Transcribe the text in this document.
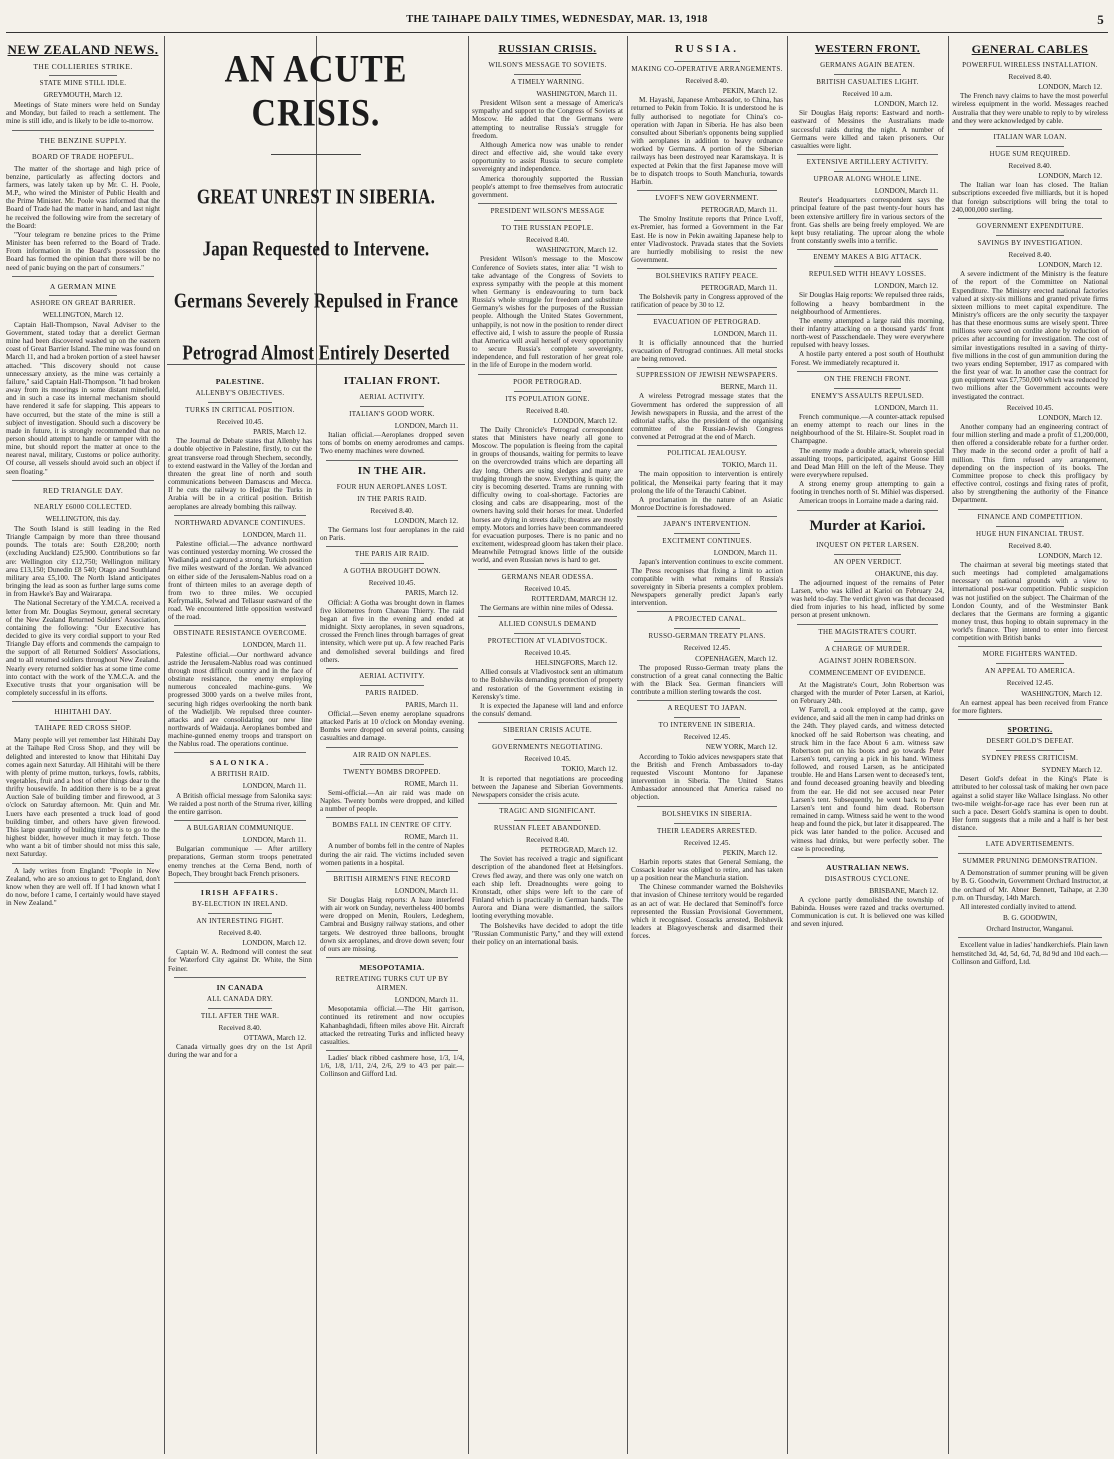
THE TAIHAPE DAILY TIMES, WEDNESDAY, MAR. 13, 1918	5
AN ACUTE CRISIS.
GREAT UNREST IN SIBERIA.
Japan Requested to Intervene.
Germans Severely Repulsed in France
Petrograd Almost Entirely Deserted
NEW ZEALAND NEWS.
THE COLLIERIES STRIKE.
STATE MINE STILL IDLE.
GREYMOUTH, March 12.

Meetings of State miners were held on Sunday and Monday, but failed to reach a settlement. The mine is still idle, and is likely to be idle to-morrow.

THE BENZINE SUPPLY.
BOARD OF TRADE HOPEFUL.

The matter of the shortage and high price of benzine, particularly as affecting doctors and farmers, was lately taken up by Mr. C. H. Poole, M.P., who wired the Minister of Public Health and the Prime Minister. Mr. Poole was informed that the Board of Trade had the matter in hand, and last night he received the following wire from the secretary of the Board:

"Your telegram re benzine prices to the Prime Minister has been referred to the Board of Trade. From information in the Board's possession the Board has formed the opinion that there will be no need of panic buying on the part of consumers."

A GERMAN MINE
ASHORE ON GREAT BARRIER.
WELLINGTON, March 12.

Captain Hall-Thompson, Naval Adviser to the Government, stated today that a derelict German mine had been discovered washed up on the eastern coast of Great Barrier Island. The mine was found on March 11, and had a broken portion of a steel hawser attached. "This discovery should not cause unnecessary anxiety, as the mine was certainly a failure," said Captain Hall-Thompson. "It had broken away from its moorings in some distant minefield, and in such a case its internal mechanism should have rendered it safe for slapping. This appears to have occurred, but the state of the mine is still a subject of investigation. Should such a discovery be made in future, it is strongly recommended that no person should attempt to handle or tamper with the mine, but should report the matter at once to the nearest naval, military, Customs or police authority. Of course, all vessels should avoid such an object if seen floating."

RED TRIANGLE DAY.
NEARLY £6000 COLLECTED.
WELLINGTON, this day.

The South Island is still leading in the Red Triangle Campaign by more than three thousand pounds. The totals are: South £28,200; north (excluding Auckland) £25,900. Contributions so far are: Wellington city £12,750; Wellington military area £13,150; Dunedin £8 540; Otago and Southland military area £5,100. The North Island anticipates bringing the lead as soon as further large sums come in from Hawke's Bay and Wairarapa.

The National Secretary of the Y.M.C.A. received a letter from Mr. Douglas Seymour, general secretary of the New Zealand Returned Soldiers' Association, containing the following: "Our Executive has decided to give its very cordial support to your Red Triangle Day efforts and commends the campaign to the support of all Returned Soldiers' Associations, and to all returned soldiers throughout New Zealand. Nearly every returned soldier has at some time come into contact with the work of the Y.M.C.A. and the Executive trusts that your organisation will be completely successful in its efforts.

HIHITAHI DAY.
TAIHAPE RED CROSS SHOP.

Many people will yet remember last Hihitahi Day at the Taihape Red Cross Shop, and they will be delighted and interested to know that Hihitahi Day comes again next Saturday. All Hihitahi will be there with plenty of prime mutton, turkeys, fowls, rabbits, vegetables, fruit and a host of other things dear to the thrifty housewife. In addition there is to be a great Auction Sale of building timber and firewood, at 3 o'clock on Saturday afternoon. Mr. Quin and Mr. Luers have each presented a truck load of good building timber, and others have given firewood. This large quantity of building timber is to go to the highest bidder, however much it may fetch. Those who want a bit of timber should not miss this sale, next Saturday.

A lady writes from England: "People in New Zealand, who are so anxious to get to England, don't know when they are well off. If I had known what I do now, before I came, I certainly would have stayed in New Zealand."

PALESTINE.
ALLENBY'S OBJECTIVES.
TURKS IN CRITICAL POSITION.
Received 10.45.
PARIS, March 12.

The Journal de Debate states that Allenby has a double objective in Palestine, firstly, to cut the great transverse road through Shechem, secondly, to extend eastward in the Valley of the Jordan and threaten the great line of north and south communications between Damascus and Mecca. If he cuts the railway to Hedjaz the Turks in Arabia will be in a critical position. British aeroplanes are already bombing this railway.

NORTHWARD ADVANCE CONTINUES.
LONDON, March 11.

Palestine official.—The advance northward was continued yesterday morning. We crossed the Wadiandja and captured a strong Turkish position five miles westward of the Jordan. We advanced on either side of the Jerusalem-Nablus road on a front of thirteen miles to an average depth of from two to three miles. We occupied Kefrymalik, Selwad and Tellasur eastward of the road. We encountered little opposition westward of the road.

OBSTINATE RESISTANCE OVERCOME.
LONDON, March 11.

Palestine official.—Our northward advance astride the Jerusalem-Nablus road was continued through most difficult country and in the face of obstinate resistance, the enemy employing numerous concealed machine-guns. We progressed 3000 yards on a twelve miles front, securing high ridges overlooking the north bank of the Wadieljib. We repulsed three counter-attacks and are consolidating our new line northwards of Waidauja. Aeroplanes bombed and machine-gunned enemy troops and transport on the Nablus road. The operations continue.

SALONIKA.
A BRITISH RAID.
LONDON, March 11.

A British official message from Salonika says: We raided a post north of the Struma river, killing the entire garrison.

A BULGARIAN COMMUNIQUE.
LONDON, March 11.

Bulgarian communique — After artillery preparations, German storm troops penetrated enemy trenches at the Cerna Bend, north of Bopech, They brought back French prisoners.

IRISH AFFAIRS.
BY-ELECTION IN IRELAND.
AN INTERESTING FIGHT.
Received 8.40.
LONDON, March 12.

Captain W. A. Redmond will contest the seat for Waterford City against Dr. White, the Sinn Feiner.

IN CANADA
ALL CANADA DRY.
TILL AFTER THE WAR.
Received 8.40.
OTTAWA, March 12.

Canada virtually goes dry on the 1st April during the war and for a

ITALIAN FRONT.
AERIAL ACTIVITY.
ITALIAN'S GOOD WORK.
LONDON, March 11.

Italian official.—Aeroplanes dropped seven tons of bombs on enemy aerodromes and camps. Two enemy machines were downed.

IN THE AIR.
FOUR HUN AEROPLANES LOST.
IN THE PARIS RAID.
Received 8.40.
LONDON, March 12.

The Germans lost four aeroplanes in the raid on Paris.

THE PARIS AIR RAID.
A GOTHA BROUGHT DOWN.
Received 10.45.
PARIS, March 12.

Official: A Gotha was brought down in flames five kilometres from Chateau Thierry. The raid began at five in the evening and ended at midnight. Sixty aeroplanes, in seven squadrons, crossed the French lines through barrages of great intensity, which were put up. A few reached Paris and demolished several buildings and fired others.

AERIAL ACTIVITY.
PARIS RAIDED.
PARIS, March 11.

Official.—Seven enemy aeroplane squadrons attacked Paris at 10 o'clock on Monday evening. Bombs were dropped on several points, causing casualties and damage.

AIR RAID ON NAPLES.
TWENTY BOMBS DROPPED.
ROME, March 11.

Semi-official.—An air raid was made on Naples. Twenty bombs were dropped, and killed a number of people.

BOMBS FALL IN CENTRE OF CITY.
ROME, March 11.

A number of bombs fell in the centre of Naples during the air raid. The victims included seven women patients in a hospital.

BRITISH AIRMEN'S FINE RECORD
LONDON, March 11.

Sir Douglas Haig reports: A haze interfered with air work on Sunday, nevertheless 400 bombs were dropped on Menin, Roulers, Ledeghem, Cambrai and Busigny railway stations, and other targets. We destroyed three balloons, brought down six aeroplanes, and drove down seven; four of ours are missing.

MESOPOTAMIA.
RETREATING TURKS CUT UP BY AIRMEN.
LONDON, March 11.

Mesopotamia official.—The Hit garrison, continued its retirement and now occupies Kahanbaghdadi, fifteen miles above Hit. Aircraft attacked the retreating Turks and inflicted heavy casualties.

Ladies' black ribbed cashmere hose, 1/3, 1/4, 1/6, 1/8, 1/11, 2/4, 2/6, 2/9 to 4/3 per pair.—Collinson and Gifford Ltd.

RUSSIAN CRISIS.
WILSON'S MESSAGE TO SOVIETS.
A TIMELY WARNING.
WASHINGTON, March 11.

President Wilson sent a message of America's sympathy and support to the Congress of Soviets at Moscow. He added that the Germans were attempting to neutralise Russia's struggle for freedom.

Although America now was unable to render direct and effective aid, she would take every opportunity to assist Russia to secure complete sovereignty and independence.

America thoroughly supported the Russian people's attempt to free themselves from autocratic government.

PRESIDENT WILSON'S MESSAGE
TO THE RUSSIAN PEOPLE.
Received 8.40.
WASHINGTON, March 12.

President Wilson's message to the Moscow Conference of Soviets states, inter alia: "I wish to take advantage of the Congress of Soviets to express sympathy with the people at this moment when Germany is endeavouring to turn back Russia's whole struggle for freedom and substitute Germany's wishes for the purposes of the Russian people. Although the United States Government, unhappily, is not now in the position to render direct effective aid, I wish to assure the people of Russia that America will avail herself of every opportunity to secure Russia's complete sovereignty, independence, and full restoration of her great role in the life of Europe in the modern world.

POOR PETROGRAD.
ITS POPULATION GONE.
Received 8.40.
LONDON, March 12.

The Daily Chronicle's Petrograd correspondent states that Ministers have nearly all gone to Moscow. The population is fleeing from the capital in groups of thousands, waiting for permits to leave on the overcrowded trains which are departing all day long. Others are using sledges and many are trudging through the snow. Everything is quite; the city is becoming deserted. Trams are running with difficulty owing to coal-shortage. Factories are closing and cabs are disappearing, most of the owners having sold their horses for meat. Underfed horses are dying in streets daily; theatres are mostly empty. Motors and lorries have been commandeered for evacuation purposes. There is no panic and no excitement, widespread gloom has taken their place. Meanwhile Petrograd knows little of the outside world, and even Russian news is hard to get.

GERMANS NEAR ODESSA.
Received 10.45.
ROTTERDAM, MARCH 12.

The Germans are within nine miles of Odessa.

ALLIED CONSULS DEMAND
PROTECTION AT VLADIVOSTOCK.
Received 10.45.
HELSINGFORS, March 12.

Allied consuls at Vladivostock sent an ultimatum to the Bolsheviks demanding protection of property and restoration of the Government existing in Kerensky's time.

It is expected the Japanese will land and enforce the consuls' demand.

SIBERIAN CRISIS ACUTE.
GOVERNMENTS NEGOTIATING.
Received 10.45.
TOKIO, March 12.

It is reported that negotiations are proceeding between the Japanese and Siberian Governments. Newspapers consider the crisis acute.

TRAGIC AND SIGNIFICANT.
RUSSIAN FLEET ABANDONED.
Received 8.40.
PETROGRAD, March 12.

The Soviet has received a tragic and significant description of the abandoned fleet at Helsingfors. Crews fled away, and there was only one watch on each ship left. Dreadnoughts were going to Kronstadt, other ships were left to the care of Finland which is practically in German hands. The Aurora and Diana were dismantled, the sailors looting everything movable.

The Bolsheviks have decided to adopt the title "Russian Communistic Party," and they will extend their policy on an international basis.

RUSSIA.
MAKING CO-OPERATIVE ARRANGEMENTS.
Received 8.40.
PEKIN, March 12.

M. Hayashi, Japanese Ambassador, to China, has returned to Pekin from Tokio. It is understood he is fully authorised to negotiate for China's co-operation with Japan in Siberia. He has also been consulted about Siberian's opponents being supplied with aeroplanes in addition to heavy ordnance worked by Germans. A portion of the Siberian railways has been destroyed near Karamskaya. It is expected at Pekin that the first Japanese move will be to dispatch troops to South Manchuria, towards Harbin.

LVOFF'S NEW GOVERNMENT.
PETROGRAD, March 11.

The Smolny Institute reports that Prince Lvoff, ex-Premier, has formed a Government in the Far East. He is now in Pekin awaiting Japanese help to enter Vladivostock. Pravada states that the Soviets are hurriedly mobilising to resist the new Government.

BOLSHEVIKS RATIFY PEACE.
PETROGRAD, March 11.

The Bolshevik party in Congress approved of the ratification of peace by 30 to 12.

EVACUATION OF PETROGRAD.
LONDON, March 11.

It is officially announced that the hurried evacuation of Petrograd continues. All metal stocks are being removed.

SUPPRESSION OF JEWISH NEWSPAPERS.
BERNE, March 11.

A wireless Petrograd message states that the Government has ordered the suppression of all Jewish newspapers in Russia, and the arrest of the editorial staffs, also the president of the organising committee of the Russian-Jewish Congress convened at Petrograd at the end of March.

POLITICAL JEALOUSY.
TOKIO, March 11.

The main opposition to intervention is entirely political, the Menseikai party fearing that it may prolong the life of the Terauchi Cabinet.

A proclamation in the nature of an Asiatic Monroe Doctrine is foreshadowed.

JAPAN'S INTERVENTION.
EXCITMENT CONTINUES.
LONDON, March 11.

Japan's intervention continues to excite comment. The Press recognises that fixing a limit to action compatible with what remains of Russia's sovereignty in Siberia presents a complex problem. Newspapers generally predict Japan's early intervention.

A PROJECTED CANAL.
RUSSO-GERMAN TREATY PLANS.
Received 12.45.
COPENHAGEN, March 12.

The proposed Russo-German treaty plans the construction of a great canal connecting the Baltic with the Black Sea. German financiers will contribute a million sterling towards the cost.

A REQUEST TO JAPAN.
TO INTERVENE IN SIBERIA.
Received 12.45.
NEW YORK, March 12.

According to Tokio advices newspapers state that the British and French Ambassadors to-day requested Viscount Montono for Japanese intervention in Siberia. The United States Ambassador announced that America raised no objection.

BOLSHEVIKS IN SIBERIA.
THEIR LEADERS ARRESTED.
Received 12.45.
PEKIN, March 12.

Harbin reports states that General Semiang, the Cossack leader was obliged to retire, and has taken up a position near the Manchuria station.

The Chinese commander warned the Bolsheviks that invasion of Chinese territory would be regarded as an act of war. He declared that Seminoff's force represented the Russian Provisional Government, which it recognised. Cossacks arrested, Bolshevik leaders at Blagovyeschensk and disarmed their forces.

WESTERN FRONT.
GERMANS AGAIN BEATEN.
BRITISH CASUALTIES LIGHT.
Received 10 a.m.
LONDON, March 12.

Sir Douglas Haig reports: Eastward and north-eastward of Messines the Australians made successful raids during the night. A number of Germans were killed and taken prisoners. Our casualties were light.

EXTENSIVE ARTILLERY ACTIVITY.
UPROAR ALONG WHOLE LINE.
LONDON, March 11.

Reuter's Headquarters correspondent says the principal feature of the past twenty-four hours has been extensive artillery fire in various sectors of the front. Gas shells are being freely employed. We are kept busy retaliating. The uproar along the whole front constantly swells into a terrific.

ENEMY MAKES A BIG ATTACK.
REPULSED WITH HEAVY LOSSES.
LONDON, March 12.

Sir Douglas Haig reports: We repulsed three raids, following a heavy bombardment in the neighbourhood of Armentieres.

The enemy attempted a large raid this morning, their infantry attacking on a thousand yards' front north-west of Passchendaele. They were everywhere repulsed with heavy losses.

A hostile party entered a post south of Houthulst Forest. We immediately recaptured it.

ON THE FRENCH FRONT.
ENEMY'S ASSAULTS REPULSED.
LONDON, March 11.

French communique.—A counter-attack repulsed an enemy attempt to reach our lines in the neighbourhood of the St. Hilaire-St. Souplet road in Champagne.

The enemy made a double attack, wherein special assaulting troops, participated, against Goose Hill and Dead Man Hill on the left of the Meuse. They were everywhere repulsed.

A strong enemy group attempting to gain a footing in trenches north of St. Mihiel was dispersed.

American troops in Lorraine made a daring raid.

Murder at Karioi.
INQUEST ON PETER LARSEN.
AN OPEN VERDICT.
OHAKUNE, this day.

The adjourned inquest of the remains of Peter Larsen, who was killed at Karioi on February 24, was held to-day. The verdict given was that deceased died from injuries to his head, inflicted by some person at present unknown.

THE MAGISTRATE'S COURT.
A CHARGE OF MURDER.
AGAINST JOHN ROBERSON.
COMMENCEMENT OF EVIDENCE.

At the Magistrate's Court, John Robertson was charged with the murder of Peter Larsen, at Karioi, on February 24th.

W Farrell, a cook employed at the camp, gave evidence, and said all the men in camp had drinks on the 24th. They played cards, and witness detected knocked off he said Robertson was cheating, and struck him in the face About 6 a.m. witness saw Robertson put on his boots and go towards Peter Larsen's tent, carrying a pick in his hand. Witness followed, and roused Larsen, as he anticipated trouble. He and Hans Larsen went to deceased's tent, and found deceased groaning heavily and bleeding from the ear. He did not see accused near Peter Larsen's tent. Subsequently, he went back to Peter Larsen's tent and found him dead. Robertson remained in camp. Witness said he went to the wood heap and found the pick, but later it disappeared. The pick was later handed to the police. Accused and witness had drinks, but were perfectly sober. The case is proceeding.

AUSTRALIAN NEWS.
DISASTROUS CYCLONE.
BRISBANE, March 12.

A cyclone partly demolished the township of Babinda. Houses were razed and tracks overturned. Communication is cut. It is believed one was killed and seven injured.

GENERAL CABLES
POWERFUL WIRELESS INSTALLATION.
Received 8.40.
LONDON, March 12.

The French navy claims to have the most powerful wireless equipment in the world. Messages reached Australia that they were unable to reply to by wireless and they were acknowledged by cable.

ITALIAN WAR LOAN.
HUGE SUM REQUIRED.
Received 8.40.
LONDON, March 12.

The Italian war loan has closed. The Italian subscriptions exceeded five milliards, but it is hoped that foreign subscriptions will bring the total to 240,000,000 sterling.

GOVERNMENT EXPENDITURE.
SAVINGS BY INVESTIGATION.
Received 8.40.
LONDON, March 12.

A severe indictment of the Ministry is the feature of the report of the Committee on National Expenditure. The Ministry erected national factories valued at sixty-six millions and granted private firms sixteen millions to meet capital expenditure. The Ministry's officers are the only security the taxpayer has that these enormous sums are wisely spent. Three millions were saved on cordite alone by reduction of prices after accounting for investigation. The cost of similar investigations resulted in a saving of thirty-five millions in the cost of gun ammunition during the two years ending September, 1917 as compared with the first year of war. In another case the contract for gun equipment was £7,750,000 which was reduced by two millions after the Government accounts were investigated the contract.

Received 10.45.
LONDON, March 12.

Another company had an engineering contract of four million sterling and made a profit of £1,200,000, then offered a considerable rebate for a further order. They made in the second order a profit of half a million. This firm refused any arrangement, depending on the inspection of its books. The Committee propose to check this profligacy by effective control, costings and fixing rates of profit, also by strengthening the authority of the Finance Department.

FINANCE AND COMPETITION.
HUGE HUN FINANCIAL TRUST.
Received 8.40.
LONDON, March 12.

The chairman at several big meetings stated that such meetings had completed amalgamations necessary on national grounds with a view to international post-war competition. Public suspicion was not justified on the subject. The Chairman of the London County, and of the Westminster Bank declares that the Germans are forming a gigantic money trust, thus hoping to obtain supremacy in the world's finance. They intend to enter into fiercest competition with British banks

MORE FIGHTERS WANTED.
AN APPEAL TO AMERICA.
Received 12.45.
WASHINGTON, March 12.

An earnest appeal has been received from France for more fighters.

SPORTING.
DESERT GOLD'S DEFEAT.
SYDNEY PRESS CRITICISM.
SYDNEY March 12.

Desert Gold's defeat in the King's Plate is attributed to her colossal task of making her own pace against a solid stayer like Wallace Isinglass. No other two-mile weight-for-age race has ever been run at such a pace. Desert Gold's stamina is open to doubt. Her form suggests that a mile and a half is her best distance.

LATE ADVERTISEMENTS.
SUMMER PRUNING DEMONSTRATION.

A Demonstration of summer pruning will be given by B. G. Goodwin, Government Orchard Instructor, at the orchard of Mr. Abner Bennett, Taihape, at 2.30 p.m. on Thursday, 14th March.

All interested cordially invited to attend.

B. G. GOODWIN,
Orchard Instructor, Wanganui.

Excellent value in ladies' handkerchiefs. Plain lawn hemstitched 3d, 4d, 5d, 6d, 7d, 8d 9d and 10d each.—Collinson and Gifford, Ltd.
